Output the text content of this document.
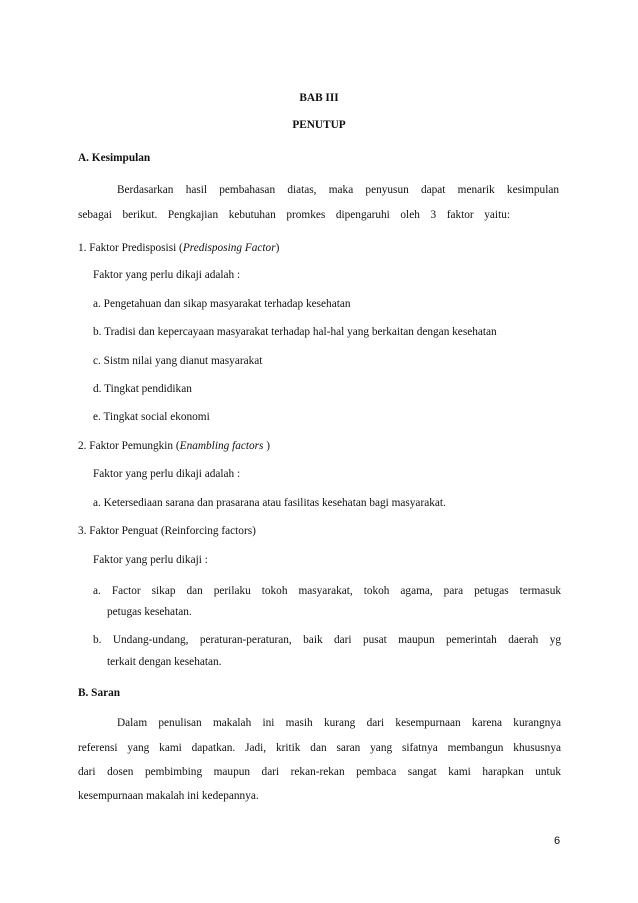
BAB III
PENUTUP
A. Kesimpulan
Berdasarkan hasil pembahasan diatas, maka penyusun dapat menarik kesimpulan
sebagai berikut. Pengkajian kebutuhan promkes dipengaruhi oleh 3 faktor yaitu:
1. Faktor Predisposisi (Predisposing Factor)
Faktor yang perlu dikaji adalah :
a. Pengetahuan dan sikap masyarakat terhadap kesehatan
b. Tradisi dan kepercayaan masyarakat terhadap hal-hal yang berkaitan dengan kesehatan
c. Sistm nilai yang dianut masyarakat
d. Tingkat pendidikan
e. Tingkat social ekonomi
2. Faktor Pemungkin (Enambling factors )
Faktor yang perlu dikaji adalah :
a. Ketersediaan sarana dan prasarana atau fasilitas kesehatan bagi masyarakat.
3. Faktor Penguat (Reinforcing factors)
Faktor yang perlu dikaji :
a. Factor sikap dan perilaku tokoh masyarakat, tokoh agama, para petugas termasuk
petugas kesehatan.
b. Undang-undang, peraturan-peraturan, baik dari pusat maupun pemerintah daerah yg
terkait dengan kesehatan.
B. Saran
Dalam penulisan makalah ini masih kurang dari kesempurnaan karena kurangnya
referensi yang kami dapatkan. Jadi, kritik dan saran yang sifatnya membangun khususnya
dari dosen pembimbing maupun dari rekan-rekan pembaca sangat kami harapkan untuk
kesempurnaan makalah ini kedepannya.
6
